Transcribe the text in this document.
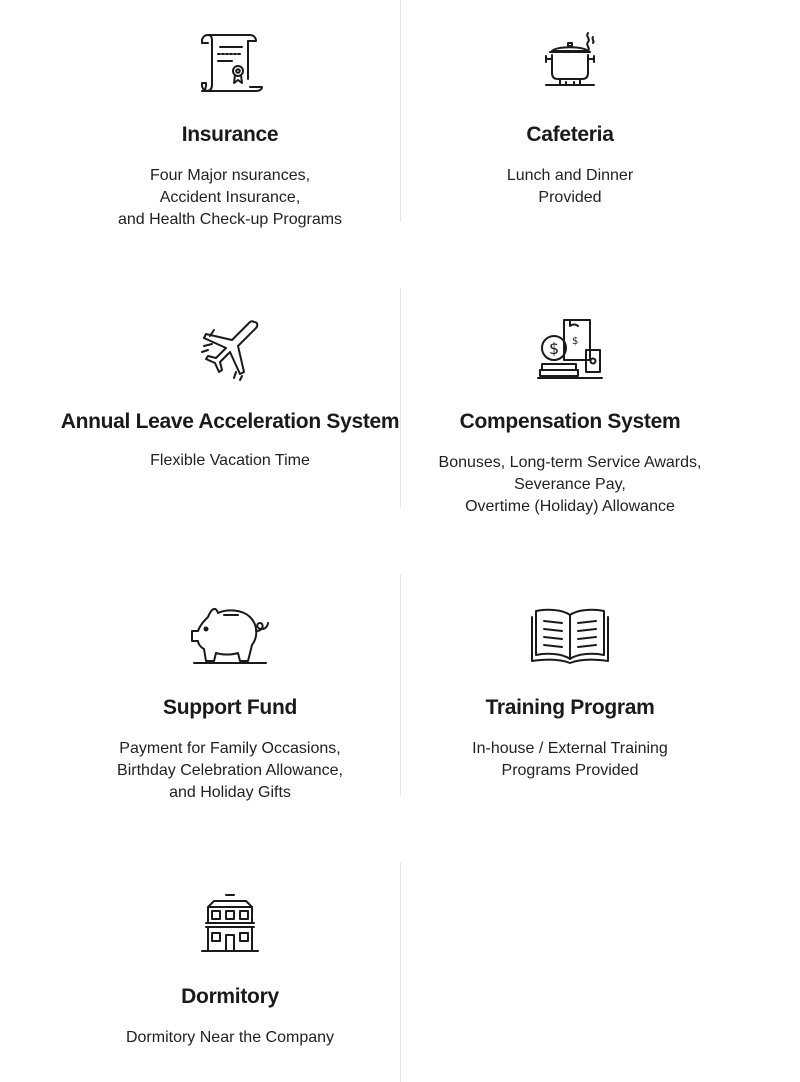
Insurance

Four Major nsurances,
Accident Insurance,
and Health Check-up Programs

Cafeteria

Lunch and Dinner
Provided

Annual Leave Acceleration System

Flexible Vacation Time

$
$
Compensation System

Bonuses, Long-term Service Awards,
Severance Pay,
Overtime (Holiday) Allowance

Support Fund

Payment for Family Occasions,
Birthday Celebration Allowance,
and Holiday Gifts

Training Program

In-house / External Training
Programs Provided

Dormitory

Dormitory Near the Company
